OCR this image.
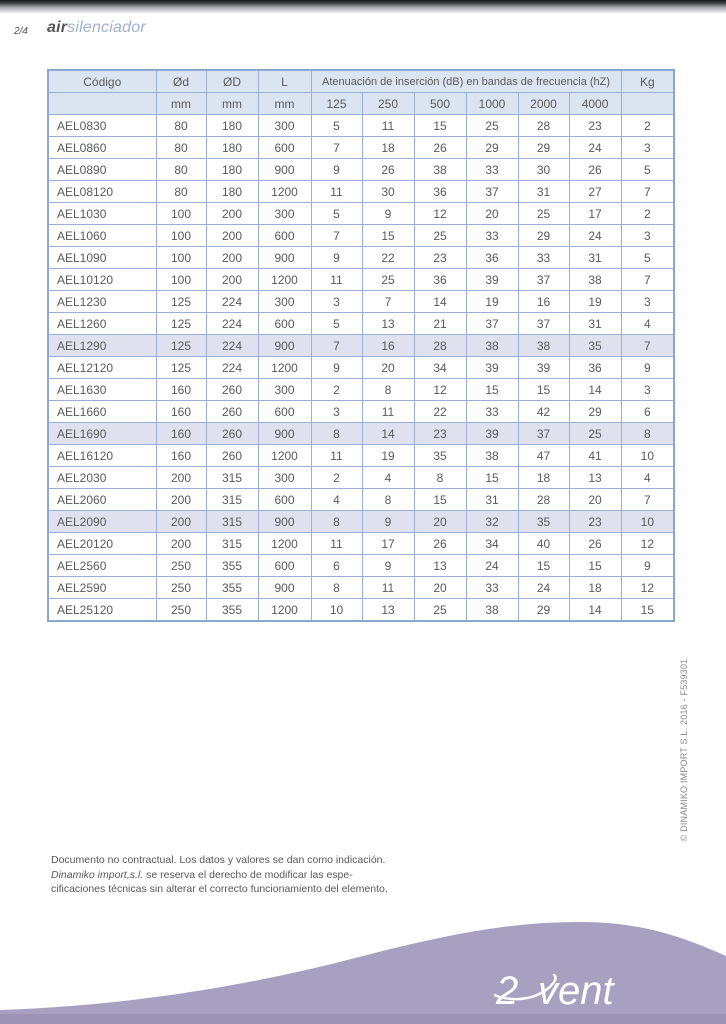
2/4 airsilenciador
Código	Ød	ØD	L	Atenuación de inserción (dB) en bandas de frecuencia (hZ)						Kg
	mm	mm	mm	125	250	500	1000	2000	4000	
AEL0830	80	180	300	5	11	15	25	28	23	2
AEL0860	80	180	600	7	18	26	29	29	24	3
AEL0890	80	180	900	9	26	38	33	30	26	5
AEL08120	80	180	1200	11	30	36	37	31	27	7
AEL1030	100	200	300	5	9	12	20	25	17	2
AEL1060	100	200	600	7	15	25	33	29	24	3
AEL1090	100	200	900	9	22	23	36	33	31	5
AEL10120	100	200	1200	11	25	36	39	37	38	7
AEL1230	125	224	300	3	7	14	19	16	19	3
AEL1260	125	224	600	5	13	21	37	37	31	4
AEL1290	125	224	900	7	16	28	38	38	35	7
AEL12120	125	224	1200	9	20	34	39	39	36	9
AEL1630	160	260	300	2	8	12	15	15	14	3
AEL1660	160	260	600	3	11	22	33	42	29	6
AEL1690	160	260	900	8	14	23	39	37	25	8
AEL16120	160	260	1200	11	19	35	38	47	41	10
AEL2030	200	315	300	2	4	8	15	18	13	4
AEL2060	200	315	600	4	8	15	31	28	20	7
AEL2090	200	315	900	8	9	20	32	35	23	10
AEL20120	200	315	1200	11	17	26	34	40	26	12
AEL2560	250	355	600	6	9	13	24	15	15	9
AEL2590	250	355	900	8	11	20	33	24	18	12
AEL25120	250	355	1200	10	13	25	38	29	14	15
© DINAMIKO IMPORT S.L. 2016 - F539301
Documento no contractual. Los datos y valores se dan como indicación.
Dinamiko import,s.l. se reserva el derecho de modificar las espe-
cificaciones técnicas sin alterar el correcto funcionamiento del elemento.
2 vent
